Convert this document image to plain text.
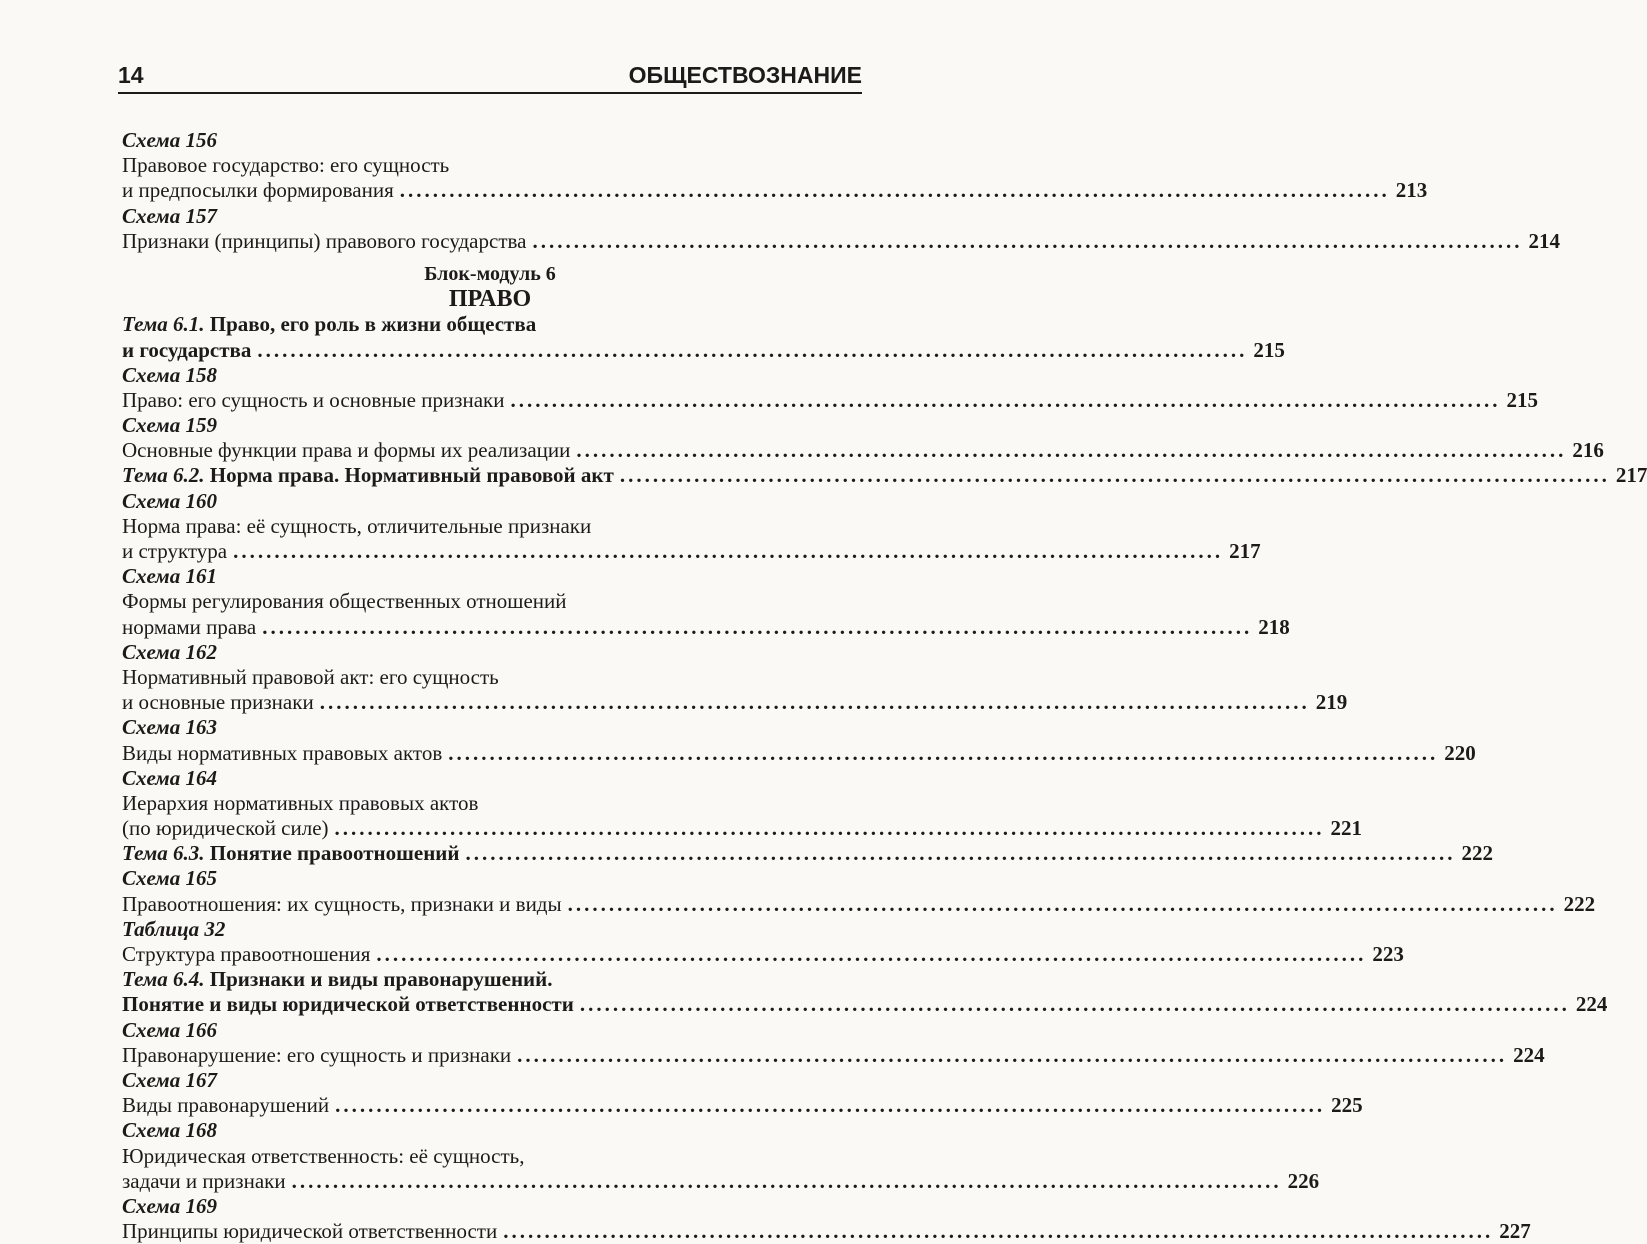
14	ОБЩЕСТВОЗНАНИЕ
Схема 156
Правовое государство: его сущность
и предпосылки формирования ........................................................................................................................ 213
Схема 157
Признаки (принципы) правового государства ........................................................................................................................ 214
Блок-модуль 6
ПРАВО
Тема 6.1. Право, его роль в жизни общества
и государства ........................................................................................................................ 215
Схема 158
Право: его сущность и основные признаки ........................................................................................................................ 215
Схема 159
Основные функции права и формы их реализации ........................................................................................................................ 216
Тема 6.2. Норма права. Нормативный правовой акт ........................................................................................................................ 217
Схема 160
Норма права: её сущность, отличительные признаки
и структура ........................................................................................................................ 217
Схема 161
Формы регулирования общественных отношений
нормами права ........................................................................................................................ 218
Схема 162
Нормативный правовой акт: его сущность
и основные признаки ........................................................................................................................ 219
Схема 163
Виды нормативных правовых актов ........................................................................................................................ 220
Схема 164
Иерархия нормативных правовых актов
(по юридической силе) ........................................................................................................................ 221
Тема 6.3. Понятие правоотношений ........................................................................................................................ 222
Схема 165
Правоотношения: их сущность, признаки и виды ........................................................................................................................ 222
Таблица 32
Структура правоотношения ........................................................................................................................ 223
Тема 6.4. Признаки и виды правонарушений.
Понятие и виды юридической ответственности ........................................................................................................................ 224
Схема 166
Правонарушение: его сущность и признаки ........................................................................................................................ 224
Схема 167
Виды правонарушений ........................................................................................................................ 225
Схема 168
Юридическая ответственность: её сущность,
задачи и признаки ........................................................................................................................ 226
Схема 169
Принципы юридической ответственности ........................................................................................................................ 227
